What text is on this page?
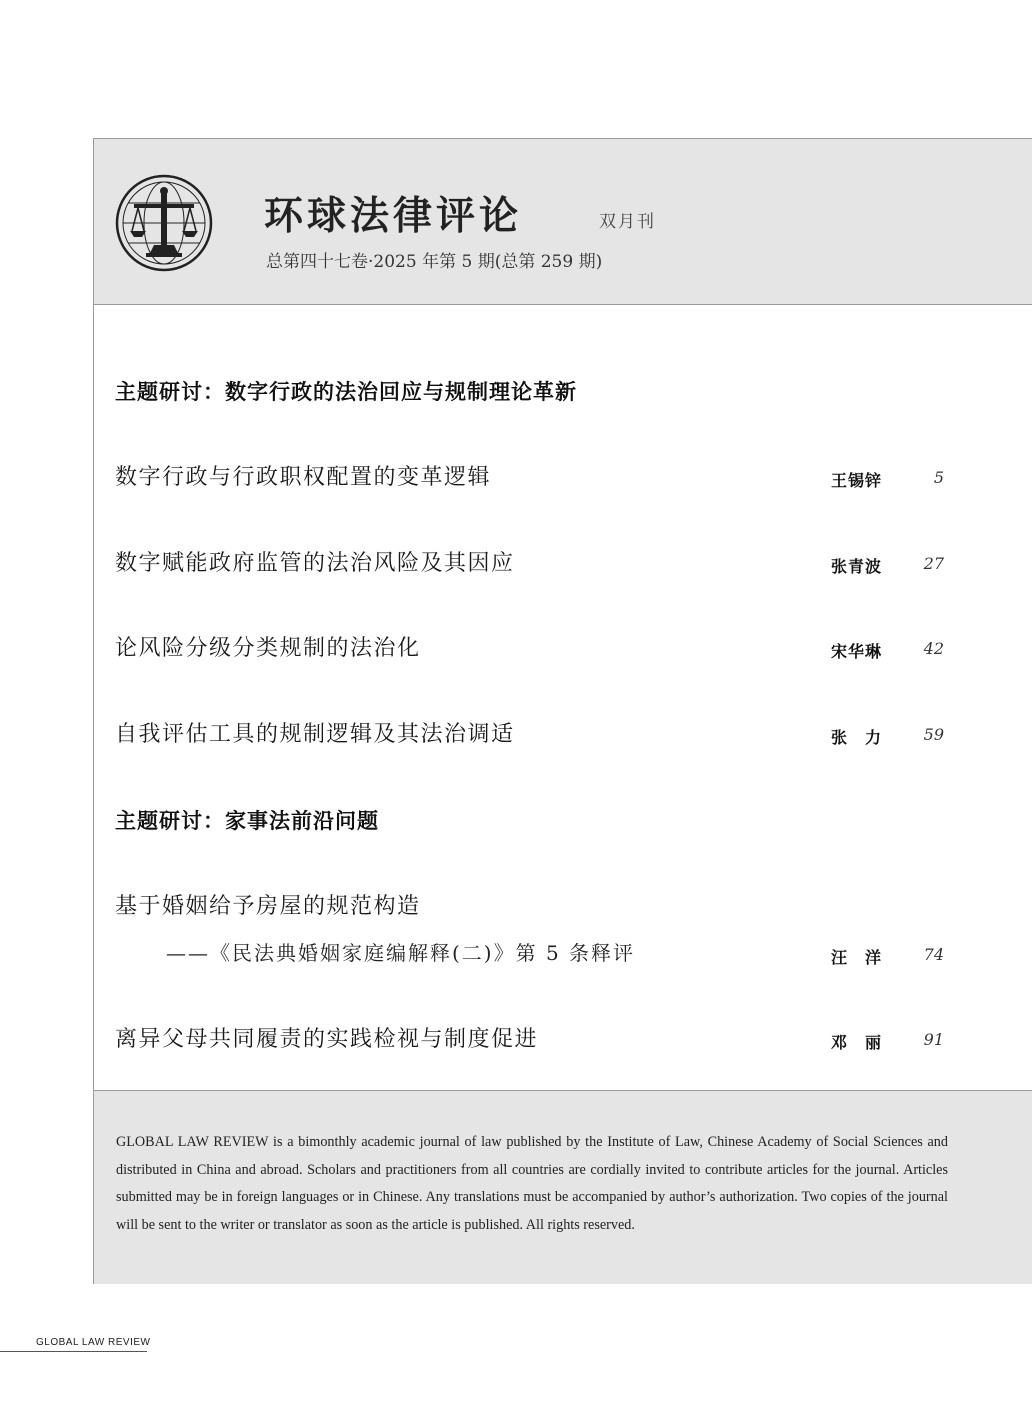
环球法律评论	双月刊
总第四十七卷·2025 年第 5 期(总第 259 期)
主题研讨：数字行政的法治回应与规制理论革新
数字行政与行政职权配置的变革逻辑	王锡锌	5
数字赋能政府监管的法治风险及其因应	张青波	27
论风险分级分类规制的法治化	宋华琳	42
自我评估工具的规制逻辑及其法治调适	张力	59
主题研讨：家事法前沿问题
基于婚姻给予房屋的规范构造
——《民法典婚姻家庭编解释(二)》第 5 条释评	汪洋	74
离异父母共同履责的实践检视与制度促进	邓丽	91
GLOBAL LAW REVIEW is a bimonthly academic journal of law published by the Institute of Law, Chinese Academy of Social Sciences and distributed in China and abroad. Scholars and practitioners from all countries are cordially invited to contribute articles for the journal. Articles submitted may be in foreign languages or in Chinese. Any translations must be accompanied by author’s authorization. Two copies of the journal will be sent to the writer or translator as soon as the article is published. All rights reserved.
GLOBAL LAW REVIEW
